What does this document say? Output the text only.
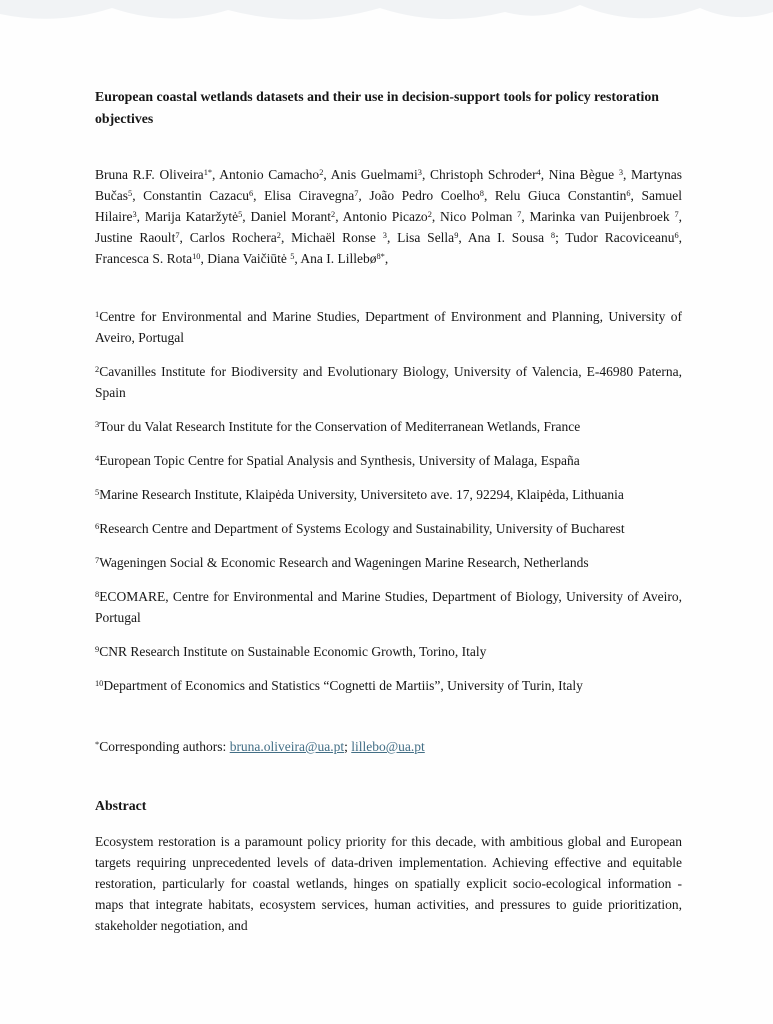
European coastal wetlands datasets and their use in decision-support tools for policy restoration objectives

Bruna R.F. Oliveira$^{1*}$, Antonio Camacho$^2$, Anis Guelmami$^3$, Christoph Schroder$^4$, Nina Bègue $^3$, Martynas Bučas$^5$, Constantin Cazacu$^6$, Elisa Ciravegna$^7$, João Pedro Coelho$^8$, Relu Giuca Constantin$^6$, Samuel Hilaire$^3$, Marija Kataržytė$^5$, Daniel Morant$^2$, Antonio Picazo$^2$, Nico Polman $^7$, Marinka van Puijenbroek $^7$, Justine Raoult$^7$, Carlos Rochera$^2$, Michaël Ronse $^3$, Lisa Sella$^9$, Ana I. Sousa $^8$; Tudor Racoviceanu$^6$, Francesca S. Rota$^{10}$, Diana Vaičiūtė $^5$, Ana I. Lillebø$^{8*}$,

$^1$Centre for Environmental and Marine Studies, Department of Environment and Planning, University of Aveiro, Portugal

$^2$Cavanilles Institute for Biodiversity and Evolutionary Biology, University of Valencia, E-46980 Paterna, Spain

$^3$Tour du Valat Research Institute for the Conservation of Mediterranean Wetlands, France

$^4$European Topic Centre for Spatial Analysis and Synthesis, University of Malaga, España

$^5$Marine Research Institute, Klaipėda University, Universiteto ave. 17, 92294, Klaipėda, Lithuania

$^6$Research Centre and Department of Systems Ecology and Sustainability, University of Bucharest

$^7$Wageningen Social & Economic Research and Wageningen Marine Research, Netherlands

$^8$ECOMARE, Centre for Environmental and Marine Studies, Department of Biology, University of Aveiro, Portugal

$^9$CNR Research Institute on Sustainable Economic Growth, Torino, Italy

$^{10}$Department of Economics and Statistics “Cognetti de Martiis”, University of Turin, Italy

*Corresponding authors: bruna.oliveira@ua.pt; lillebo@ua.pt

Abstract

Ecosystem restoration is a paramount policy priority for this decade, with ambitious global and European targets requiring unprecedented levels of data-driven implementation. Achieving effective and equitable restoration, particularly for coastal wetlands, hinges on spatially explicit socio-ecological information - maps that integrate habitats, ecosystem services, human activities, and pressures to guide prioritization, stakeholder negotiation, and
